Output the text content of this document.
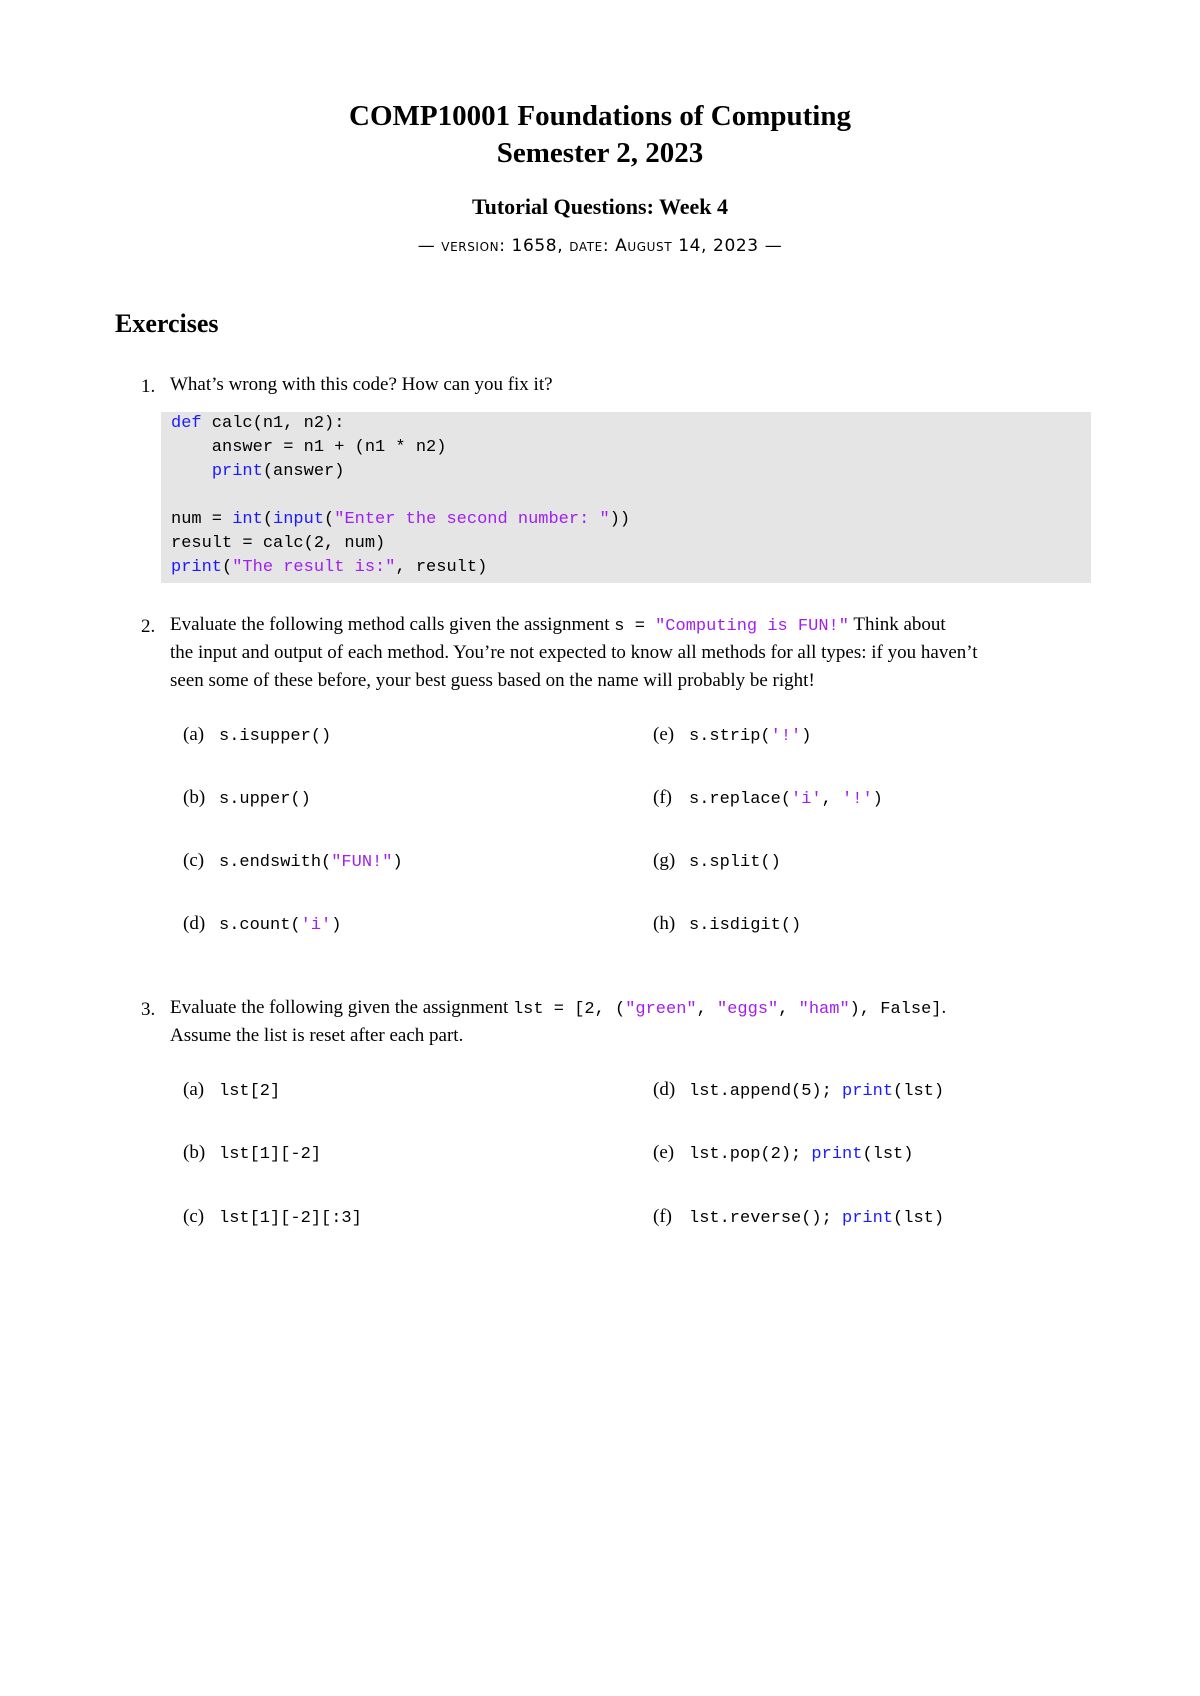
COMP10001 Foundations of Computing
Semester 2, 2023
Tutorial Questions: Week 4
— version: 1658, date: August 14, 2023 —
Exercises
1. What’s wrong with this code? How can you fix it?
def calc(n1, n2):
answer = n1 + (n1 * n2)
print(answer)
num = int(input("Enter the second number: "))
result = calc(2, num)
print("The result is:", result)
2. Evaluate the following method calls given the assignment s = "Computing is FUN!" Think about
the input and output of each method. You’re not expected to know all methods for all types: if you haven’t
seen some of these before, your best guess based on the name will probably be right!
(a) s.isupper()
(b) s.upper()
(c) s.endswith("FUN!")
(d) s.count('i')
(e) s.strip('!')
(f) s.replace('i', '!')
(g) s.split()
(h) s.isdigit()
3. Evaluate the following given the assignment lst = [2, ("green", "eggs", "ham"), False].
Assume the list is reset after each part.
(a) lst[2]
(b) lst[1][-2]
(c) lst[1][-2][:3]
(d) lst.append(5); print(lst)
(e) lst.pop(2); print(lst)
(f) lst.reverse(); print(lst)
